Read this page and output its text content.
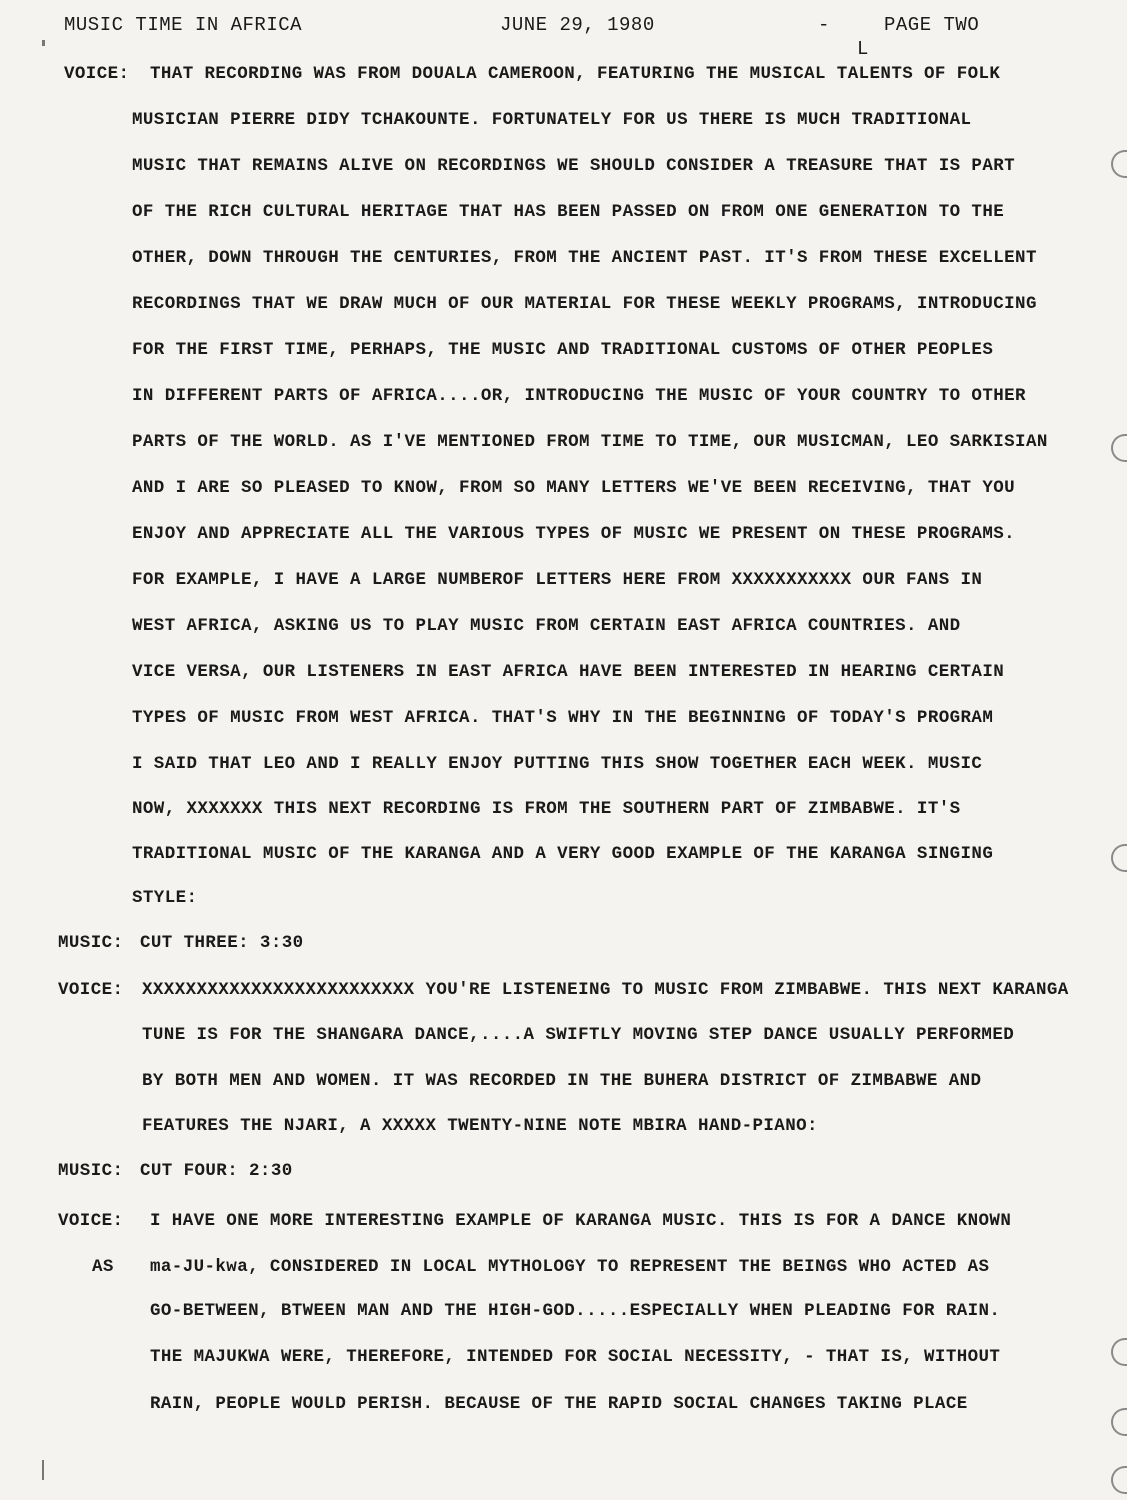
MUSIC TIME IN AFRICA	JUNE 29, 1980	-	PAGE TWO
L
VOICE: THAT RECORDING WAS FROM DOUALA CAMEROON, FEATURING THE MUSICAL TALENTS OF FOLK
MUSICIAN PIERRE DIDY TCHAKOUNTE. FORTUNATELY FOR US THERE IS MUCH TRADITIONAL
MUSIC THAT REMAINS ALIVE ON RECORDINGS WE SHOULD CONSIDER A TREASURE THAT IS PART
OF THE RICH CULTURAL HERITAGE THAT HAS BEEN PASSED ON FROM ONE GENERATION TO THE
OTHER, DOWN THROUGH THE CENTURIES, FROM THE ANCIENT PAST. IT'S FROM THESE EXCELLENT
RECORDINGS THAT WE DRAW MUCH OF OUR MATERIAL FOR THESE WEEKLY PROGRAMS, INTRODUCING
FOR THE FIRST TIME, PERHAPS, THE MUSIC AND TRADITIONAL CUSTOMS OF OTHER PEOPLES
IN DIFFERENT PARTS OF AFRICA....OR, INTRODUCING THE MUSIC OF YOUR COUNTRY TO OTHER
PARTS OF THE WORLD. AS I'VE MENTIONED FROM TIME TO TIME, OUR MUSICMAN, LEO SARKISIAN
AND I ARE SO PLEASED TO KNOW, FROM SO MANY LETTERS WE'VE BEEN RECEIVING, THAT YOU
ENJOY AND APPRECIATE ALL THE VARIOUS TYPES OF MUSIC WE PRESENT ON THESE PROGRAMS.
FOR EXAMPLE, I HAVE A LARGE NUMBEROF LETTERS HERE FROM XXXXXXXXXXX OUR FANS IN
WEST AFRICA, ASKING US TO PLAY MUSIC FROM CERTAIN EAST AFRICA COUNTRIES. AND
VICE VERSA, OUR LISTENERS IN EAST AFRICA HAVE BEEN INTERESTED IN HEARING CERTAIN
TYPES OF MUSIC FROM WEST AFRICA. THAT'S WHY IN THE BEGINNING OF TODAY'S PROGRAM
I SAID THAT LEO AND I REALLY ENJOY PUTTING THIS SHOW TOGETHER EACH WEEK. MUSIC
NOW, XXXXXXX THIS NEXT RECORDING IS FROM THE SOUTHERN PART OF ZIMBABWE. IT'S
TRADITIONAL MUSIC OF THE KARANGA AND A VERY GOOD EXAMPLE OF THE KARANGA SINGING
STYLE:
MUSIC: CUT THREE: 3:30
VOICE: XXXXXXXXXXXXXXXXXXXXXXXXX YOU'RE LISTENEING TO MUSIC FROM ZIMBABWE. THIS NEXT KARANGA
TUNE IS FOR THE SHANGARA DANCE,....A SWIFTLY MOVING STEP DANCE USUALLY PERFORMED
BY BOTH MEN AND WOMEN. IT WAS RECORDED IN THE BUHERA DISTRICT OF ZIMBABWE AND
FEATURES THE NJARI, A XXXXX TWENTY-NINE NOTE MBIRA HAND-PIANO:
MUSIC: CUT FOUR: 2:30
VOICE: I HAVE ONE MORE INTERESTING EXAMPLE OF KARANGA MUSIC. THIS IS FOR A DANCE KNOWN
AS ma-JU-kwa, CONSIDERED IN LOCAL MYTHOLOGY TO REPRESENT THE BEINGS WHO ACTED AS
GO-BETWEEN, BTWEEN MAN AND THE HIGH-GOD.....ESPECIALLY WHEN PLEADING FOR RAIN.
THE MAJUKWA WERE, THEREFORE, INTENDED FOR SOCIAL NECESSITY, - THAT IS, WITHOUT
RAIN, PEOPLE WOULD PERISH. BECAUSE OF THE RAPID SOCIAL CHANGES TAKING PLACE
